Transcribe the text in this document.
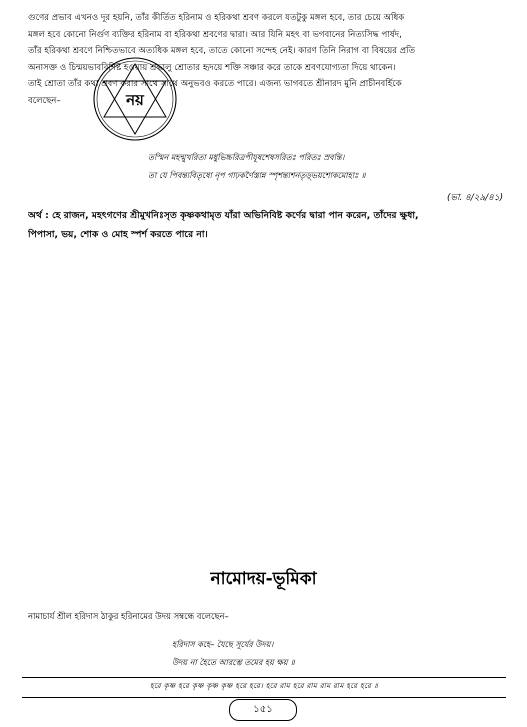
গুণের প্রভাব এখনও দূর হয়নি, তাঁর কীর্তিত হরিনাম ও হরিকথা শ্রবণ করলে যতটুকু মঙ্গল হবে, তার চেয়ে অধিক
মঙ্গল হবে কোনো নির্গুণ ব্যক্তির হরিনাম বা হরিকথা শ্রবণের দ্বারা। আর যিনি মহৎ বা ভগবানের নিত্যসিদ্ধ পার্ষদ,
তাঁর হরিকথা শ্রবণে নিশ্চিতভাবে অত্যধিক মঙ্গল হবে, তাতে কোনো সন্দেহ নেই। কারণ তিনি নিরাগ বা বিষয়ের প্রতি
অনাসক্ত ও চিন্ময়ভাববিশিষ্ট হওয়ায় শ্রদ্ধালু শ্রোতার হৃদয়ে শক্তি সঞ্চার করে তাকে শ্রবণযোগ্যতা দিয়ে থাকেন।
তাই শ্রোতা তাঁর কথা শ্রবণ করার সাথে সাথে অনুভবও করতে পারে। এজন্য ভাগবতে শ্রীনারদ মুনি প্রাচীনবর্হিকে
বলেছেন–	নয়
তস্মিন মহন্মুখরিতা মধুভিচ্চরিত্রপীযূষশেষসরিতঃ পরিতঃ স্রবন্তি।
তা যে পিবন্ত্যবিতৃষো নৃপ গাঢ়কর্ণৈস্তান্ন স্পৃশন্ত্যশনতৃড়্ভয়শোকমোহাঃ ॥
(ভা. ৪/২৯/৪১)
অর্থ : হে রাজন, মহৎগণের শ্রীমুখনিঃসৃত কৃষ্ণকথামৃত যাঁরা অভিনিবিষ্ট কর্ণের দ্বারা পান করেন, তাঁদের ক্ষুধা,
পিপাসা, ভয়, শোক ও মোহ স্পর্শ করতে পারে না।
নামোদয়-ভূমিকা
নামাচার্য শ্রীল হরিদাস ঠাকুর হরিনামের উদয় সম্বন্ধে বলেছেন–
হরিদাস কহে– যৈছে সূর্যের উদয়।
উদয় না হৈতে আরম্ভে তমের হয় ক্ষয় ॥
হরে কৃষ্ণ হরে কৃষ্ণ কৃষ্ণ কৃষ্ণ হরে হরে। হরে রাম হরে রাম রাম রাম হরে হরে ॥
১৫১
